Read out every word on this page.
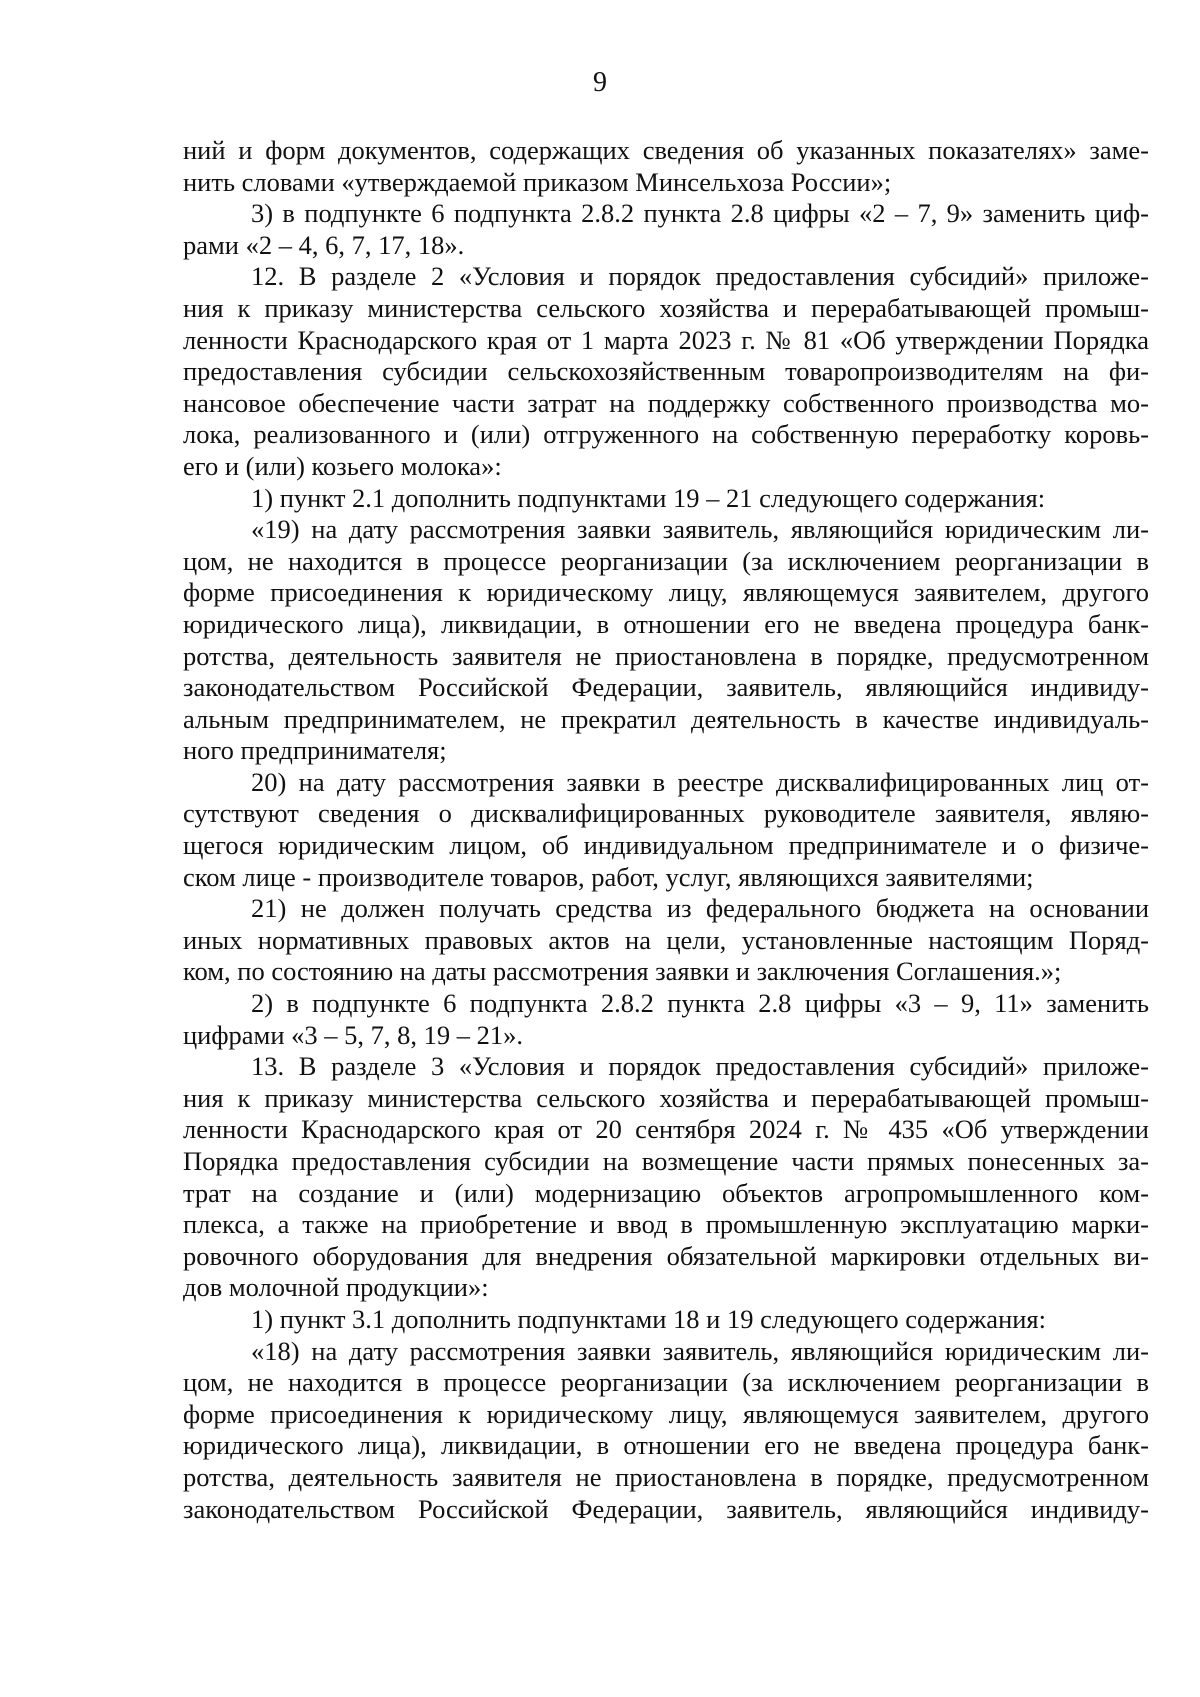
9
ний и форм документов, содержащих сведения об указанных показателях» заме-
нить словами «утверждаемой приказом Минсельхоза России»;
3) в подпункте 6 подпункта 2.8.2 пункта 2.8 цифры «2 – 7, 9» заменить циф-
рами «2 – 4, 6, 7, 17, 18».
12. В разделе 2 «Условия и порядок предоставления субсидий» приложе-
ния к приказу министерства сельского хозяйства и перерабатывающей промыш-
ленности Краснодарского края от 1 марта 2023 г. № 81 «Об утверждении Порядка
предоставления субсидии сельскохозяйственным товаропроизводителям на фи-
нансовое обеспечение части затрат на поддержку собственного производства мо-
лока, реализованного и (или) отгруженного на собственную переработку коровь-
его и (или) козьего молока»:
1) пункт 2.1 дополнить подпунктами 19 – 21 следующего содержания:
«19) на дату рассмотрения заявки заявитель, являющийся юридическим ли-
цом, не находится в процессе реорганизации (за исключением реорганизации в
форме присоединения к юридическому лицу, являющемуся заявителем, другого
юридического лица), ликвидации, в отношении его не введена процедура банк-
ротства, деятельность заявителя не приостановлена в порядке, предусмотренном
законодательством Российской Федерации, заявитель, являющийся индивиду-
альным предпринимателем, не прекратил деятельность в качестве индивидуаль-
ного предпринимателя;
20) на дату рассмотрения заявки в реестре дисквалифицированных лиц от-
сутствуют сведения о дисквалифицированных руководителе заявителя, являю-
щегося юридическим лицом, об индивидуальном предпринимателе и о физиче-
ском лице - производителе товаров, работ, услуг, являющихся заявителями;
21) не должен получать средства из федерального бюджета на основании
иных нормативных правовых актов на цели, установленные настоящим Поряд-
ком, по состоянию на даты рассмотрения заявки и заключения Соглашения.»;
2) в подпункте 6 подпункта 2.8.2 пункта 2.8 цифры «3 – 9, 11» заменить
цифрами «3 – 5, 7, 8, 19 – 21».
13. В разделе 3 «Условия и порядок предоставления субсидий» приложе-
ния к приказу министерства сельского хозяйства и перерабатывающей промыш-
ленности Краснодарского края от 20 сентября 2024 г. № 435 «Об утверждении
Порядка предоставления субсидии на возмещение части прямых понесенных за-
трат на создание и (или) модернизацию объектов агропромышленного ком-
плекса, а также на приобретение и ввод в промышленную эксплуатацию марки-
ровочного оборудования для внедрения обязательной маркировки отдельных ви-
дов молочной продукции»:
1) пункт 3.1 дополнить подпунктами 18 и 19 следующего содержания:
«18) на дату рассмотрения заявки заявитель, являющийся юридическим ли-
цом, не находится в процессе реорганизации (за исключением реорганизации в
форме присоединения к юридическому лицу, являющемуся заявителем, другого
юридического лица), ликвидации, в отношении его не введена процедура банк-
ротства, деятельность заявителя не приостановлена в порядке, предусмотренном
законодательством Российской Федерации, заявитель, являющийся индивиду-
